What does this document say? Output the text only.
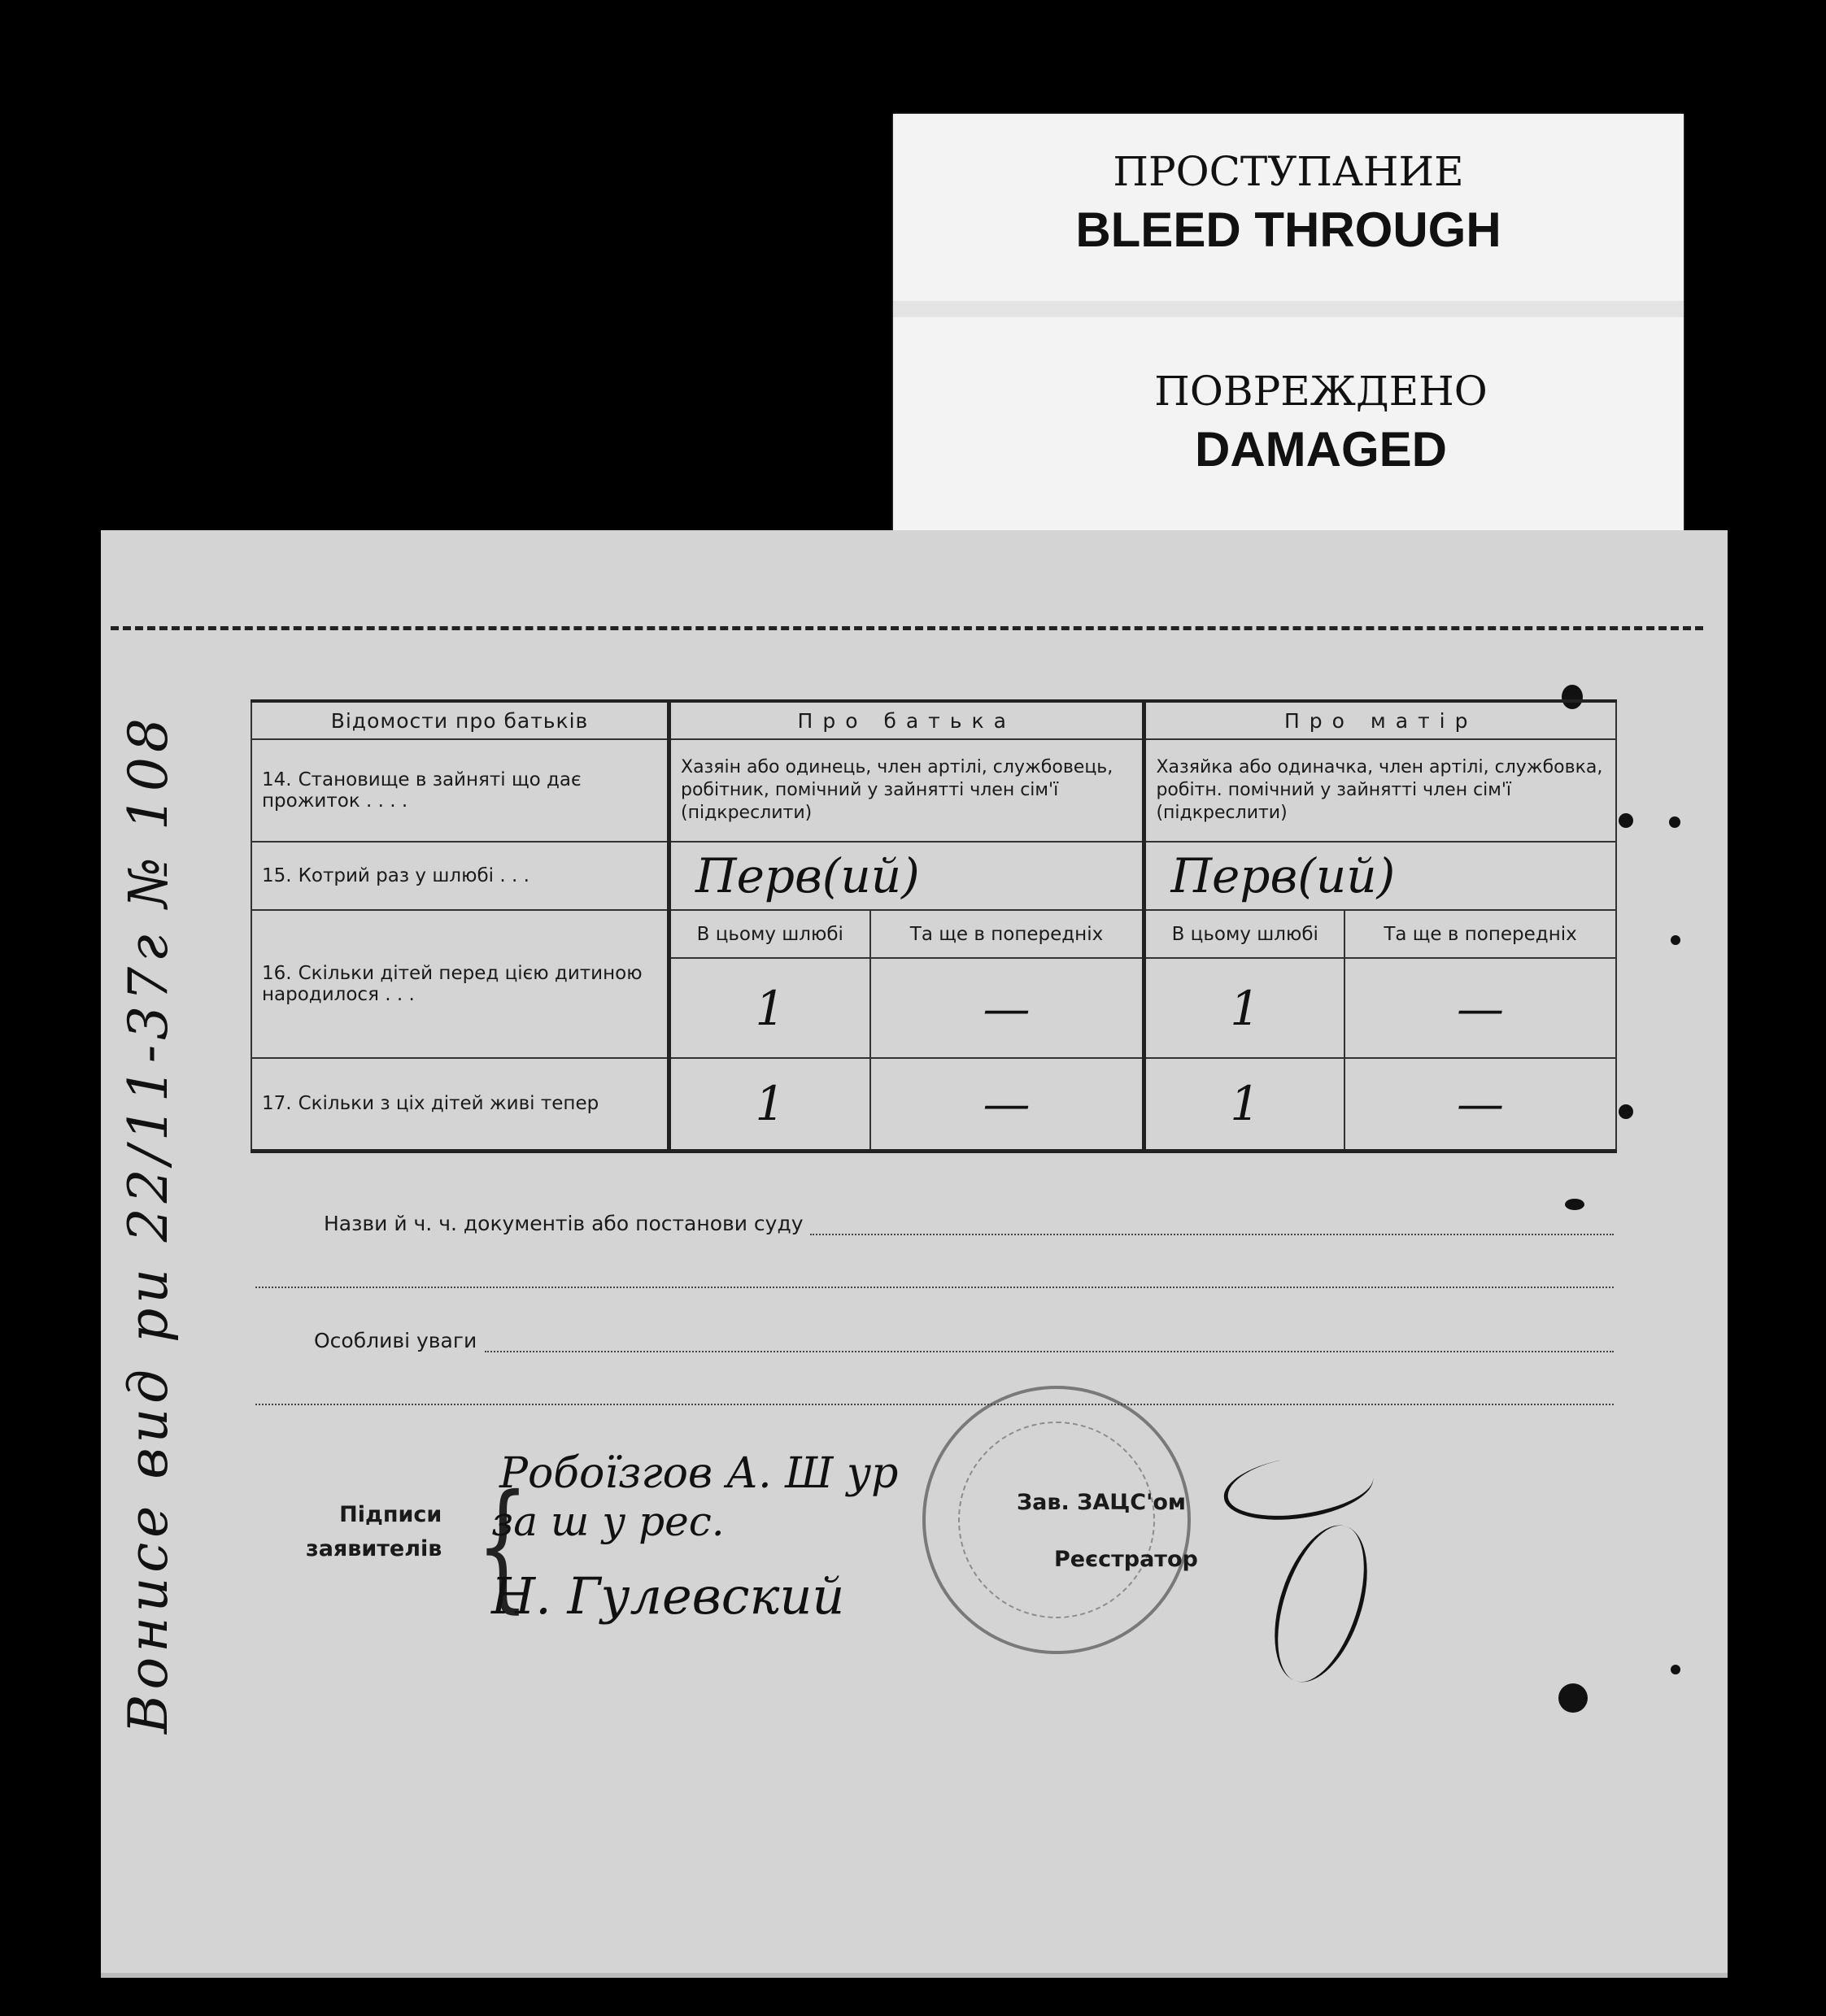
ПРОСТУПАНИЕ
BLEED THROUGH
ПОВРЕЖДЕНО
DAMAGED
Вонисе вид ри 22/11-37г № 108	Відомости про батьків	Про батька		Про матір	
14. Становище в зайняті що дає прожиток . . . .	Хазяін або одинець, член артілі, службовець, робітник, помічний у зайнятті член сім'ї (підкреслити)		Хазяйка або одиначка, член артілі, службовка, робітн. помічний у зайнятті член сім'ї (підкреслити)	
15. Котрий раз у шлюбі . . .	Перв(ий)		Перв(ий)	
16. Скільки дітей перед цією дитиною народилося . . .	В цьому шлюбі	Та ще в попередніх	В цьому шлюбі	Та ще в попередніх
	1	—	1	—
17. Скільки з ціх дітей живі тепер	1	—	1	—
Назви й ч. ч. документів або постанови суду
Особливі уваги
Підписи
заявителів {
Робоїзгов А. Ш ур
за ш у рес.
Н. Гулевский
Зав. ЗАЦС'ом
Реєстратор
